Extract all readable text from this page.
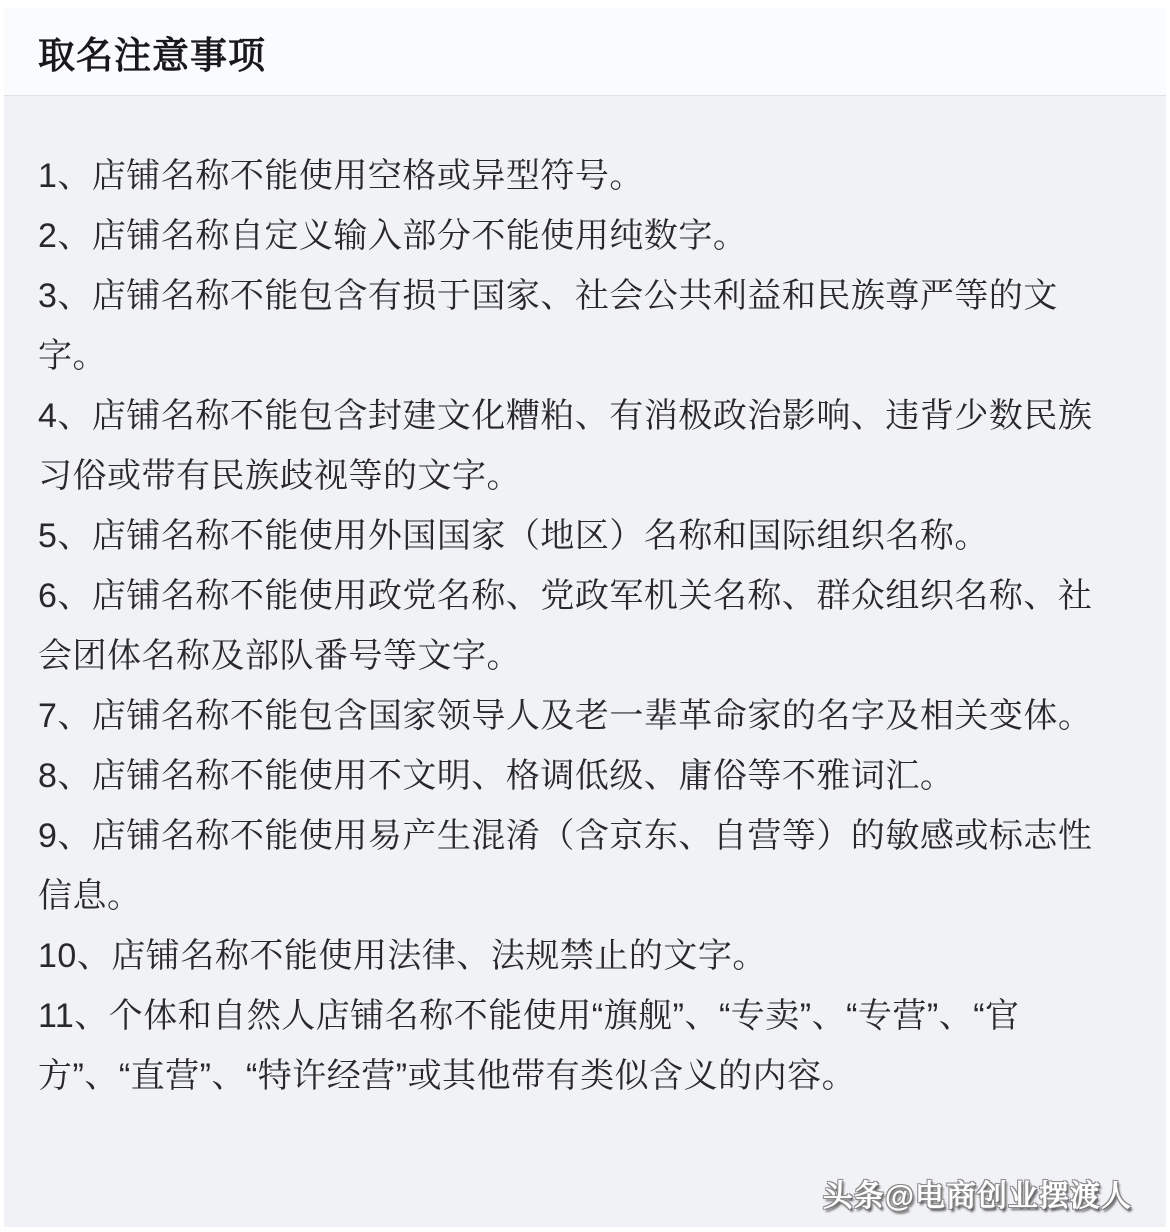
取名注意事项

1、店铺名称不能使用空格或异型符号。

2、店铺名称自定义输入部分不能使用纯数字。

3、店铺名称不能包含有损于国家、社会公共利益和民族尊严等的文字。

4、店铺名称不能包含封建文化糟粕、有消极政治影响、违背少数民族习俗或带有民族歧视等的文字。

5、店铺名称不能使用外国国家（地区）名称和国际组织名称。

6、店铺名称不能使用政党名称、党政军机关名称、群众组织名称、社会团体名称及部队番号等文字。

7、店铺名称不能包含国家领导人及老一辈革命家的名字及相关变体。

8、店铺名称不能使用不文明、格调低级、庸俗等不雅词汇。

9、店铺名称不能使用易产生混淆（含京东、自营等）的敏感或标志性信息。

10、店铺名称不能使用法律、法规禁止的文字。

11、个体和自然人店铺名称不能使用“旗舰”、“专卖”、“专营”、“官方”、“直营”、“特许经营”或其他带有类似含义的内容。

头条@电商创业摆渡人
